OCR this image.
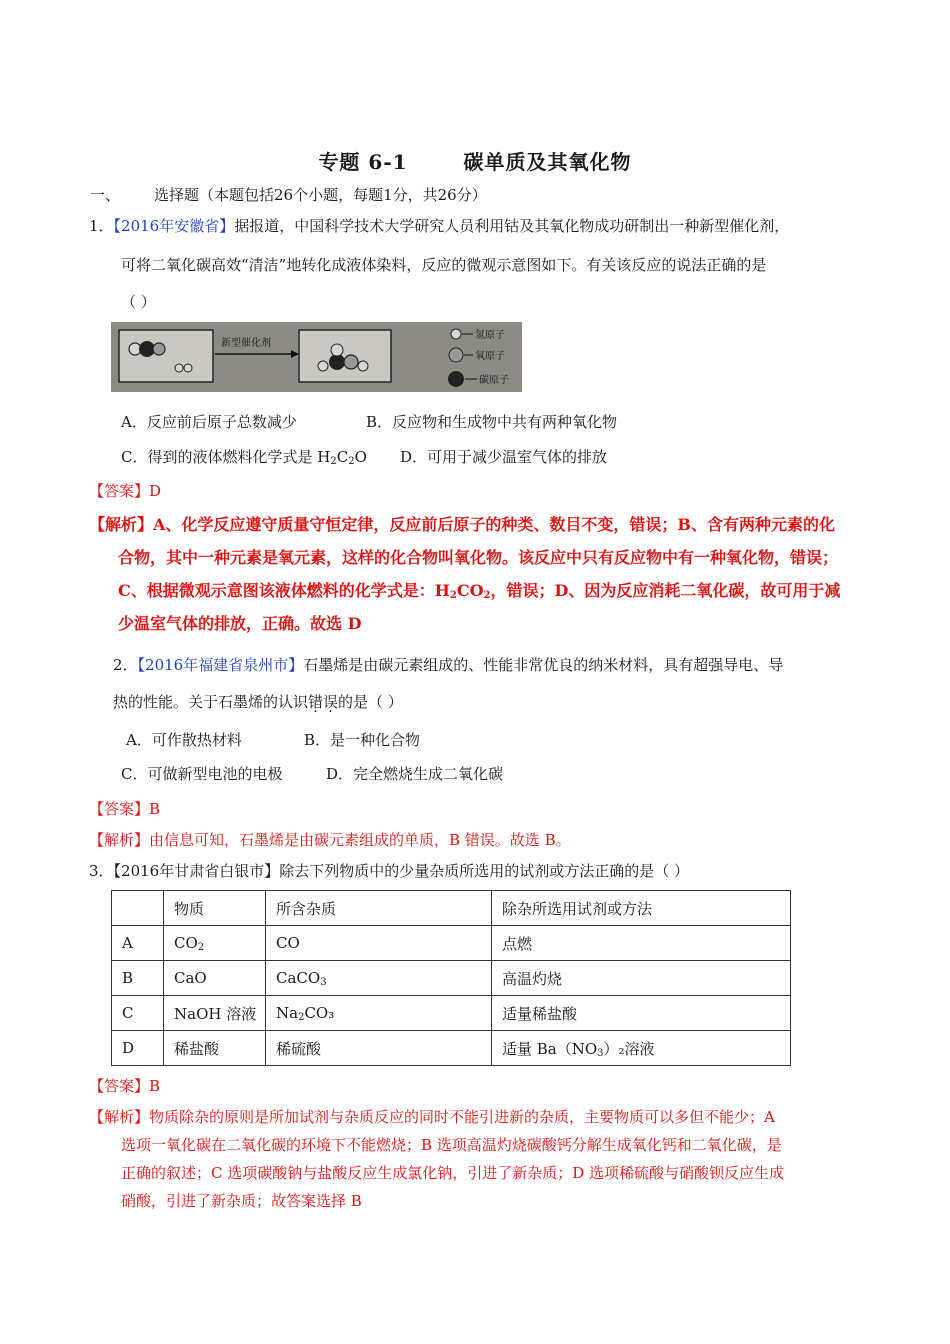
专题 6-1	碳单质及其氧化物
一、 选择题（本题包括26个小题，每题1分，共26分）
1．【2016年安徽省】据报道，中国科学技术大学研究人员利用钴及其氧化物成功研制出一种新型催化剂，
可将二氧化碳高效“清洁”地转化成液体染料，反应的微观示意图如下。有关该反应的说法正确的是
（ ）
新型催化剂
氢原子
氧原子
碳原子
A．反应前后原子总数减少	B．反应物和生成物中共有两种氧化物
C．得到的液体燃料化学式是 $H_2C_2O$ D．可用于减少温室气体的排放
【答案】D
【解析】A、化学反应遵守质量守恒定律，反应前后原子的种类、数目不变，错误；B、含有两种元素的化
合物，其中一种元素是氧元素，这样的化合物叫氧化物。该反应中只有反应物中有一种氧化物，错误；
C、根据微观示意图该液体燃料的化学式是：$H_2CO_2$，错误；D、因为反应消耗二氧化碳，故可用于减
少温室气体的排放，正确。故选 D
2．【2016年福建省泉州市】石墨烯是由碳元素组成的、性能非常优良的纳米材料，具有超强导电、导
热的性能。关于石墨烯的认识错误的是（ ）
A．可作散热材料	B．是一种化合物
C．可做新型电池的电极	D．完全燃烧生成二氧化碳
【答案】B
【解析】由信息可知，石墨烯是由碳元素组成的单质，B 错误。故选 B。
3．【2016年甘肃省白银市】除去下列物质中的少量杂质所选用的试剂或方法正确的是（ ）
	物质	所含杂质	除杂所选用试剂或方法
A	$CO_2$	CO	点燃
B	CaO	CaCO$_3$	高温灼烧
C	NaOH 溶液	$Na_2CO_3$	适量稀盐酸
D	稀盐酸	稀硫酸	适量 $Ba(NO_3)_2$溶液
【答案】B
【解析】物质除杂的原则是所加试剂与杂质反应的同时不能引进新的杂质，主要物质可以多但不能少；A
选项一氧化碳在二氧化碳的环境下不能燃烧；B 选项高温灼烧碳酸钙分解生成氧化钙和二氧化碳，是
正确的叙述；C 选项碳酸钠与盐酸反应生成氯化钠，引进了新杂质；D 选项稀硫酸与硝酸钡反应生成
硝酸，引进了新杂质；故答案选择 B
